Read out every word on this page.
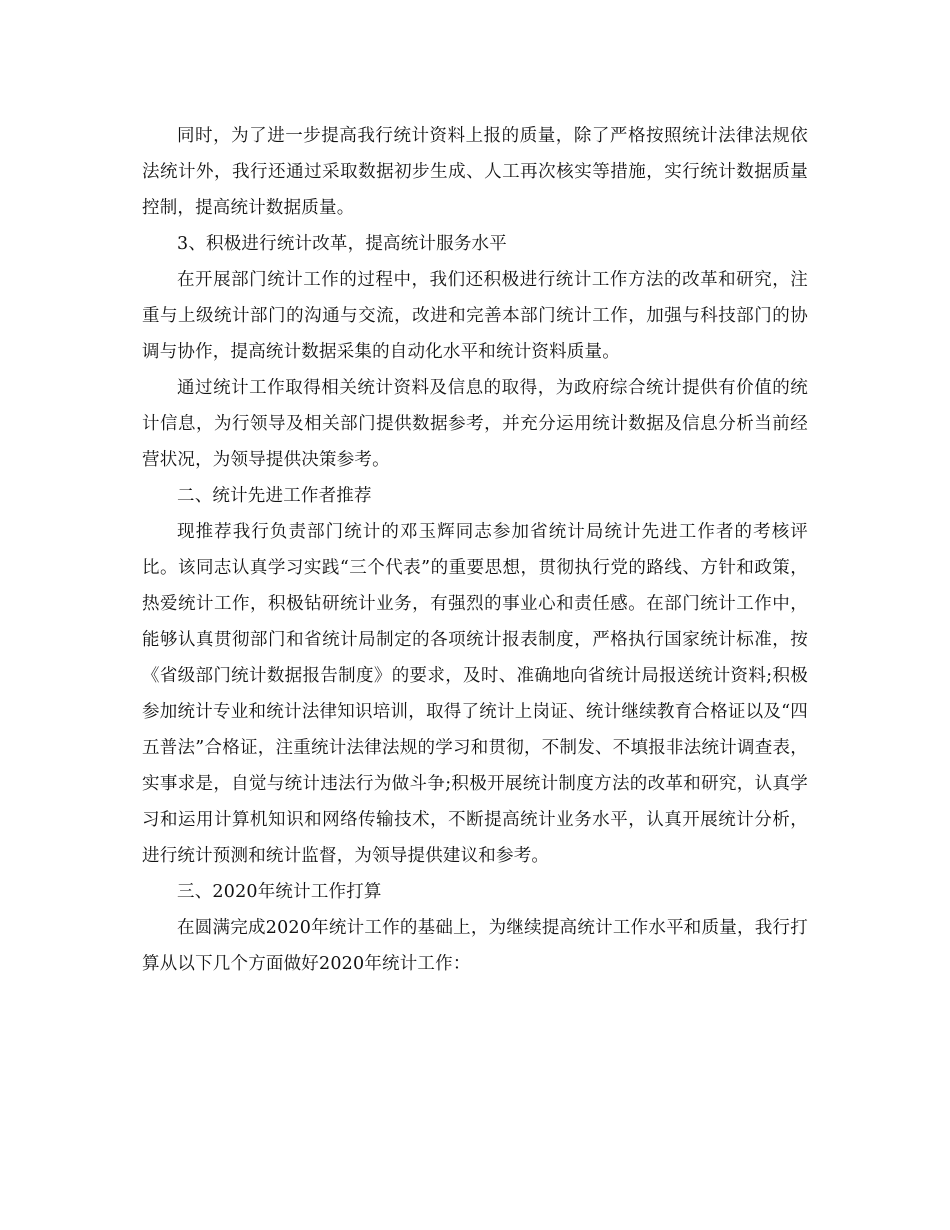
同时，为了进一步提高我行统计资料上报的质量，除了严格按照统计法律法规依法统计外，我行还通过采取数据初步生成、人工再次核实等措施，实行统计数据质量控制，提高统计数据质量。

3、积极进行统计改革，提高统计服务水平

在开展部门统计工作的过程中，我们还积极进行统计工作方法的改革和研究，注重与上级统计部门的沟通与交流，改进和完善本部门统计工作，加强与科技部门的协调与协作，提高统计数据采集的自动化水平和统计资料质量。

通过统计工作取得相关统计资料及信息的取得，为政府综合统计提供有价值的统计信息，为行领导及相关部门提供数据参考，并充分运用统计数据及信息分析当前经营状况，为领导提供决策参考。

二、统计先进工作者推荐

现推荐我行负责部门统计的邓玉辉同志参加省统计局统计先进工作者的考核评比。该同志认真学习实践“三个代表”的重要思想，贯彻执行党的路线、方针和政策，热爱统计工作，积极钻研统计业务，有强烈的事业心和责任感。在部门统计工作中，能够认真贯彻部门和省统计局制定的各项统计报表制度，严格执行国家统计标准，按《省级部门统计数据报告制度》的要求，及时、准确地向省统计局报送统计资料;积极参加统计专业和统计法律知识培训，取得了统计上岗证、统计继续教育合格证以及“四五普法”合格证，注重统计法律法规的学习和贯彻，不制发、不填报非法统计调查表，实事求是，自觉与统计违法行为做斗争;积极开展统计制度方法的改革和研究，认真学习和运用计算机知识和网络传输技术，不断提高统计业务水平，认真开展统计分析，进行统计预测和统计监督，为领导提供建议和参考。

三、2020年统计工作打算

在圆满完成2020年统计工作的基础上，为继续提高统计工作水平和质量，我行打算从以下几个方面做好2020年统计工作：
